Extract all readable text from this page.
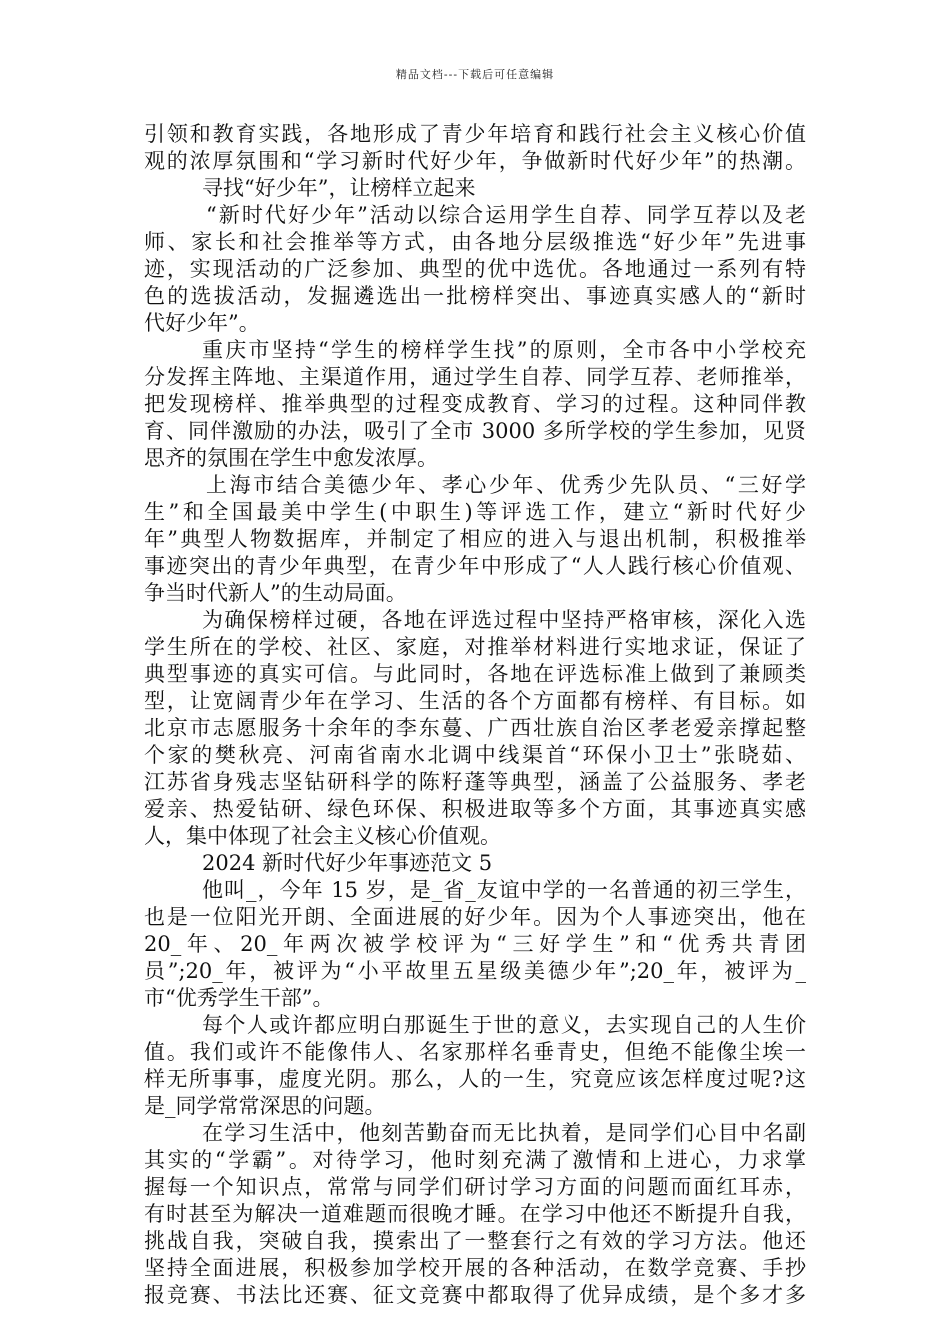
精品文档---下载后可任意编辑
引领和教育实践，各地形成了青少年培育和践行社会主义核心价值
观的浓厚氛围和“学习新时代好少年，争做新时代好少年”的热潮。
寻找“好少年”，让榜样立起来
“新时代好少年”活动以综合运用学生自荐、同学互荐以及老
师、家长和社会推举等方式，由各地分层级推选“好少年”先进事
迹，实现活动的广泛参加、典型的优中选优。各地通过一系列有特
色的选拔活动，发掘遴选出一批榜样突出、事迹真实感人的“新时
代好少年”。
重庆市坚持“学生的榜样学生找”的原则，全市各中小学校充
分发挥主阵地、主渠道作用，通过学生自荐、同学互荐、老师推举，
把发现榜样、推举典型的过程变成教育、学习的过程。这种同伴教
育、同伴激励的办法，吸引了全市 3000 多所学校的学生参加，见贤
思齐的氛围在学生中愈发浓厚。
上海市结合美德少年、孝心少年、优秀少先队员、“三好学
生”和全国最美中学生(中职生)等评选工作，建立“新时代好少
年”典型人物数据库，并制定了相应的进入与退出机制，积极推举
事迹突出的青少年典型，在青少年中形成了“人人践行核心价值观、
争当时代新人”的生动局面。
为确保榜样过硬，各地在评选过程中坚持严格审核，深化入选
学生所在的学校、社区、家庭，对推举材料进行实地求证，保证了
典型事迹的真实可信。与此同时，各地在评选标准上做到了兼顾类
型，让宽阔青少年在学习、生活的各个方面都有榜样、有目标。如
北京市志愿服务十余年的李东蔓、广西壮族自治区孝老爱亲撑起整
个家的樊秋亮、河南省南水北调中线渠首“环保小卫士”张晓茹、
江苏省身残志坚钻研科学的陈籽蓬等典型，涵盖了公益服务、孝老
爱亲、热爱钻研、绿色环保、积极进取等多个方面，其事迹真实感
人，集中体现了社会主义核心价值观。
2024 新时代好少年事迹范文 5
他叫_，今年 15 岁，是_省_友谊中学的一名普通的初三学生，
也是一位阳光开朗、全面进展的好少年。因为个人事迹突出，他在
20_年、20_年两次被学校评为“三好学生”和“优秀共青团
员”;20_年，被评为“小平故里五星级美德少年”;20_年，被评为_
市“优秀学生干部”。
每个人或许都应明白那诞生于世的意义，去实现自己的人生价
值。我们或许不能像伟人、名家那样名垂青史，但绝不能像尘埃一
样无所事事，虚度光阴。那么，人的一生，究竟应该怎样度过呢?这
是_同学常常深思的问题。
在学习生活中，他刻苦勤奋而无比执着，是同学们心目中名副
其实的“学霸”。对待学习，他时刻充满了激情和上进心，力求掌
握每一个知识点，常常与同学们研讨学习方面的问题而面红耳赤，
有时甚至为解决一道难题而很晚才睡。在学习中他还不断提升自我，
挑战自我，突破自我，摸索出了一整套行之有效的学习方法。他还
坚持全面进展，积极参加学校开展的各种活动，在数学竞赛、手抄
报竞赛、书法比还赛、征文竞赛中都取得了优异成绩，是个多才多
